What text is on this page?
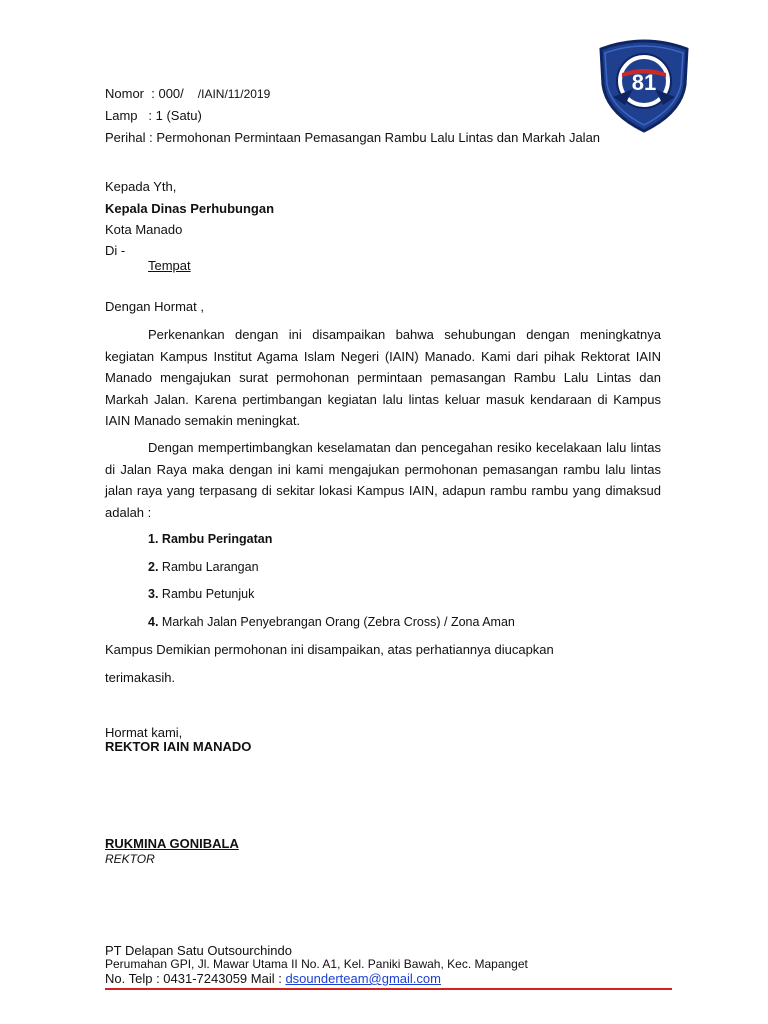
81
Nomor : 000/ /IAIN/11/2019
Lamp : 1 (Satu)
Perihal : Permohonan Permintaan Pemasangan Rambu Lalu Lintas dan Markah Jalan
Kepada Yth,
Kepala Dinas Perhubungan
Kota Manado
Di -
Tempat
Dengan Hormat ,
Perkenankan dengan ini disampaikan bahwa sehubungan dengan meningkatnya kegiatan Kampus Institut Agama Islam Negeri (IAIN) Manado. Kami dari pihak Rektorat IAIN Manado mengajukan surat permohonan permintaan pemasangan Rambu Lalu Lintas dan Markah Jalan. Karena pertimbangan kegiatan lalu lintas keluar masuk kendaraan di Kampus IAIN Manado semakin meningkat.
Dengan mempertimbangkan keselamatan dan pencegahan resiko kecelakaan lalu lintas di Jalan Raya maka dengan ini kami mengajukan permohonan pemasangan rambu lalu lintas jalan raya yang terpasang di sekitar lokasi Kampus IAIN, adapun rambu rambu yang dimaksud adalah :
1. Rambu Peringatan
2. Rambu Larangan
3. Rambu Petunjuk
4. Markah Jalan Penyebrangan Orang (Zebra Cross) / Zona Aman
Kampus Demikian permohonan ini disampaikan, atas perhatiannya diucapkan
terimakasih.
Hormat kami,
REKTOR IAIN MANADO
RUKMINA GONIBALA
REKTOR
PT Delapan Satu Outsourchindo
Perumahan GPI, Jl. Mawar Utama II No. A1, Kel. Paniki Bawah, Kec. Mapanget
No. Telp : 0431-7243059 Mail : dsounderteam@gmail.com
